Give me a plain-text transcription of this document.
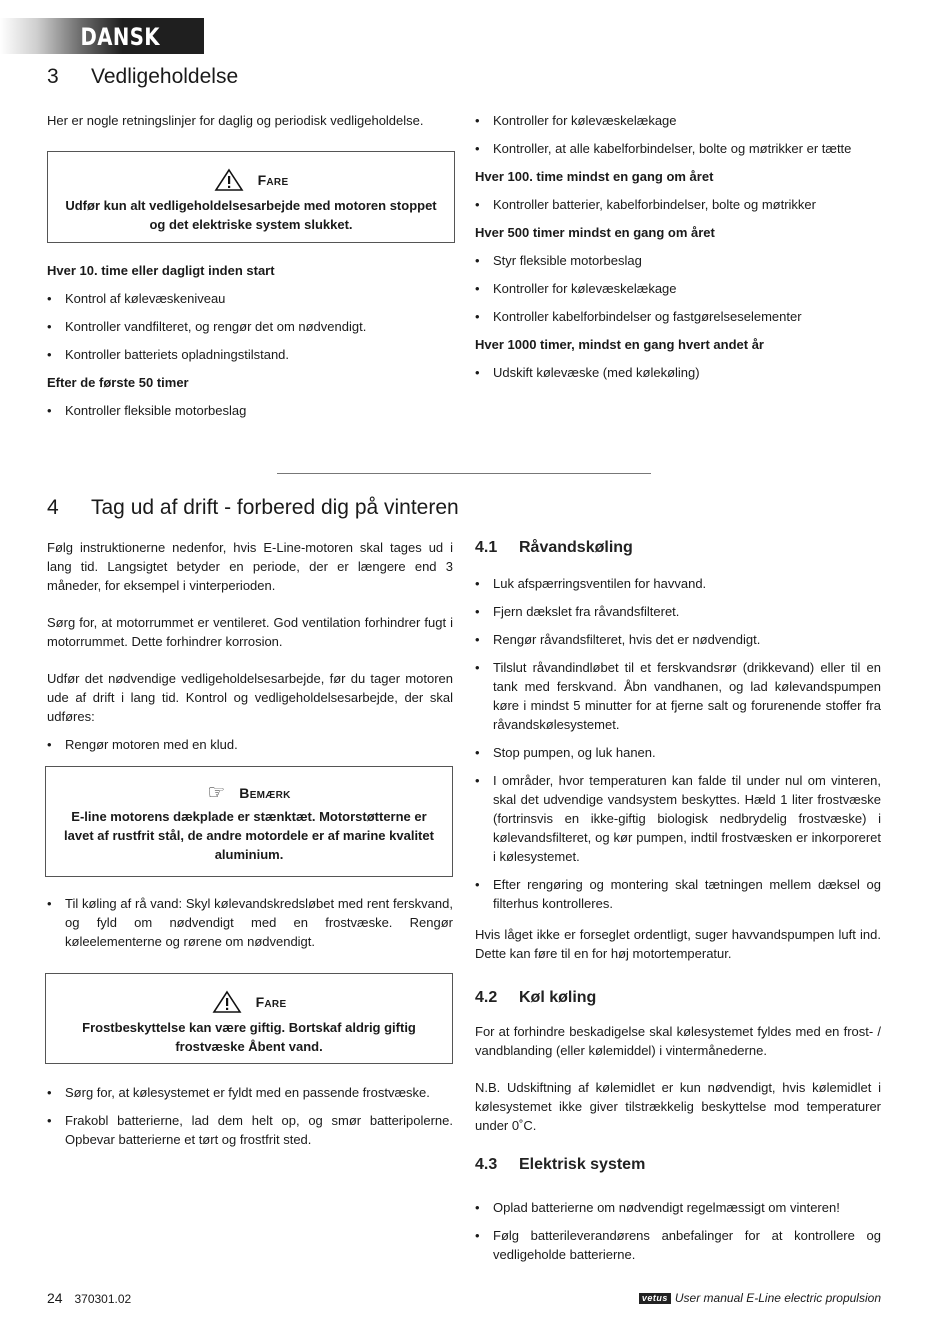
DANSK
3 Vedligeholdelse

Her er nogle retningslinjer for daglig og periodisk vedligeholdelse.

Fare
Udfør kun alt vedligeholdelsesarbejde med motoren stoppet og det elektriske system slukket.
Hver 10. time eller dagligt inden start
• Kontrol af kølevæskeniveau
• Kontroller vandfilteret, og rengør det om nødvendigt.
• Kontroller batteriets opladningstilstand.
Efter de første 50 timer
• Kontroller fleksible motorbeslag
• Kontroller for kølevæskelækage
• Kontroller, at alle kabelforbindelser, bolte og møtrikker er tætte
Hver 100. time mindst en gang om året
• Kontroller batterier, kabelforbindelser, bolte og møtrikker
Hver 500 timer mindst en gang om året
• Styr fleksible motorbeslag
• Kontroller for kølevæskelækage
• Kontroller kabelforbindelser og fastgørelseselementer
Hver 1000 timer, mindst en gang hvert andet år
• Udskift kølevæske (med kølekøling)
4 Tag ud af drift - forbered dig på vinteren

Følg instruktionerne nedenfor, hvis E-Line-motoren skal tages ud i lang tid. Langsigtet betyder en periode, der er længere end 3 måneder, for eksempel i vinterperioden.

Sørg for, at motorrummet er ventileret. God ventilation forhindrer fugt i motorrummet. Dette forhindrer korrosion.

Udfør det nødvendige vedligeholdelsesarbejde, før du tager motoren ude af drift i lang tid. Kontrol og vedligeholdelsesarbejde, der skal udføres:

• Rengør motoren med en klud.
☞ Bemærk
E-line motorens dækplade er stænktæt. Motorstøtterne er lavet af rustfrit stål, de andre motordele er af marine kvalitet aluminium.
• Til køling af rå vand: Skyl kølevandskredsløbet med rent ferskvand, og fyld om nødvendigt med en frostvæske. Rengør køleelementerne og rørene om nødvendigt.
Fare
Frostbeskyttelse kan være giftig. Bortskaf aldrig giftig frostvæske Åbent vand.
• Sørg for, at kølesystemet er fyldt med en passende frostvæske.
• Frakobl batterierne, lad dem helt op, og smør batteripolerne. Opbevar batterierne et tørt og frostfrit sted.
4.1 Råvandskøling
• Luk afspærringsventilen for havvand.
• Fjern dækslet fra råvandsfilteret.
• Rengør råvandsfilteret, hvis det er nødvendigt.
• Tilslut råvandindløbet til et ferskvandsrør (drikkevand) eller til en tank med ferskvand. Åbn vandhanen, og lad kølevandspumpen køre i mindst 5 minutter for at fjerne salt og forurenende stoffer fra råvandskølesystemet.
• Stop pumpen, og luk hanen.
• I områder, hvor temperaturen kan falde til under nul om vinteren, skal det udvendige vandsystem beskyttes. Hæld 1 liter frostvæske (fortrinsvis en ikke-giftig biologisk nedbrydelig frostvæske) i kølevandsfilteret, og kør pumpen, indtil frostvæsken er inkorporeret i kølesystemet.
• Efter rengøring og montering skal tætningen mellem dæksel og filterhus kontrolleres.

Hvis låget ikke er forseglet ordentligt, suger havvandspumpen luft ind. Dette kan føre til en for høj motortemperatur.

4.2 Køl køling

For at forhindre beskadigelse skal kølesystemet fyldes med en frost- / vandblanding (eller kølemiddel) i vintermånederne.

N.B. Udskiftning af kølemidlet er kun nødvendigt, hvis kølemidlet i kølesystemet ikke giver tilstrækkelig beskyttelse mod temperaturer under 0˚C.

4.3 Elektrisk system
• Oplad batterierne om nødvendigt regelmæssigt om vinteren!
• Følg batterileverandørens anbefalinger for at kontrollere og vedligeholde batterierne.
24 370301.02	vetus User manual E-Line electric propulsion
